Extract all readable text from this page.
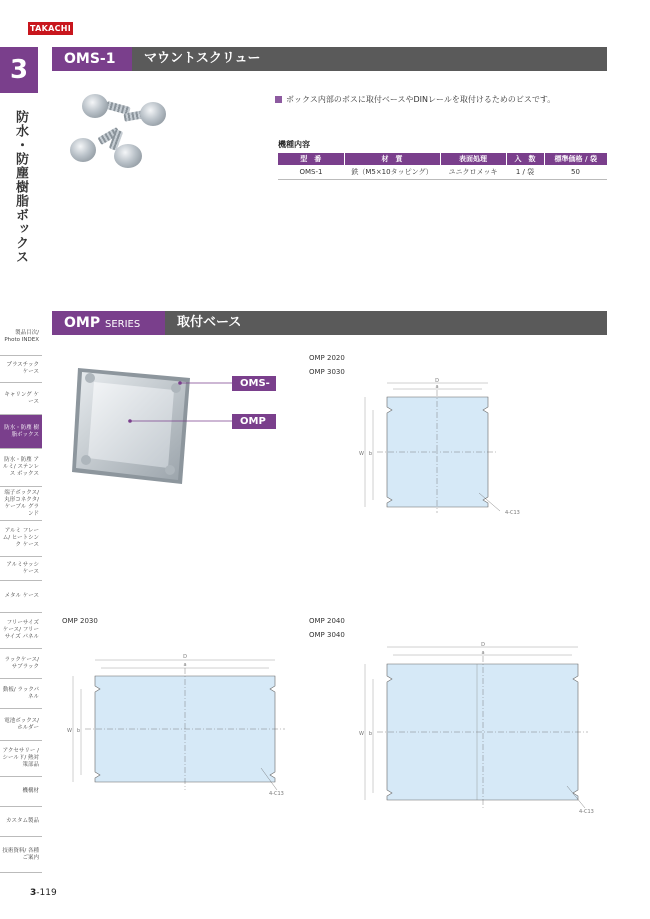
TAKACHI
3
防水・防塵樹脂ボックス
OMS-1	マウントスクリュー
ボックス内部のボスに取付ベースやDINレールを取付けるためのビスです。
機種内容
型　番	材　質	表面処理	入　数	標準価格 / 袋
OMS-1	鉄（M5×10タッピング）	ユニクロメッキ	1 / 袋	50
OMP SERIES	取付ベース
OMS-1
OMP
OMP 2020
OMP 3030
OMP 2030	OMP 2040
OMP 3040
D
a
W b
4-C13
D
a
W b
4-C13
D
a
W b
4-C13
製品目次/ Photo INDEX
プラスチック ケース
キャリング ケース
防水・防塵 樹脂ボックス
防水・防塵 アルミ/ ステンレス ボックス
端子ボックス/ 丸形コネクタ/ ケーブル グランド
アルミ フレーム/ ヒートシンク ケース
アルミサッシ ケース
メタル ケース
フリーサイズ ケース/ フリーサイズ パネル
ラックケース/ サブラック
動板/ ラックパネル
電池ボックス/ ホルダー
アクセサリー /シールド/ 熱対策部品
機構材
カスタム製品
技術資料/ 各種ご案内
3-119
